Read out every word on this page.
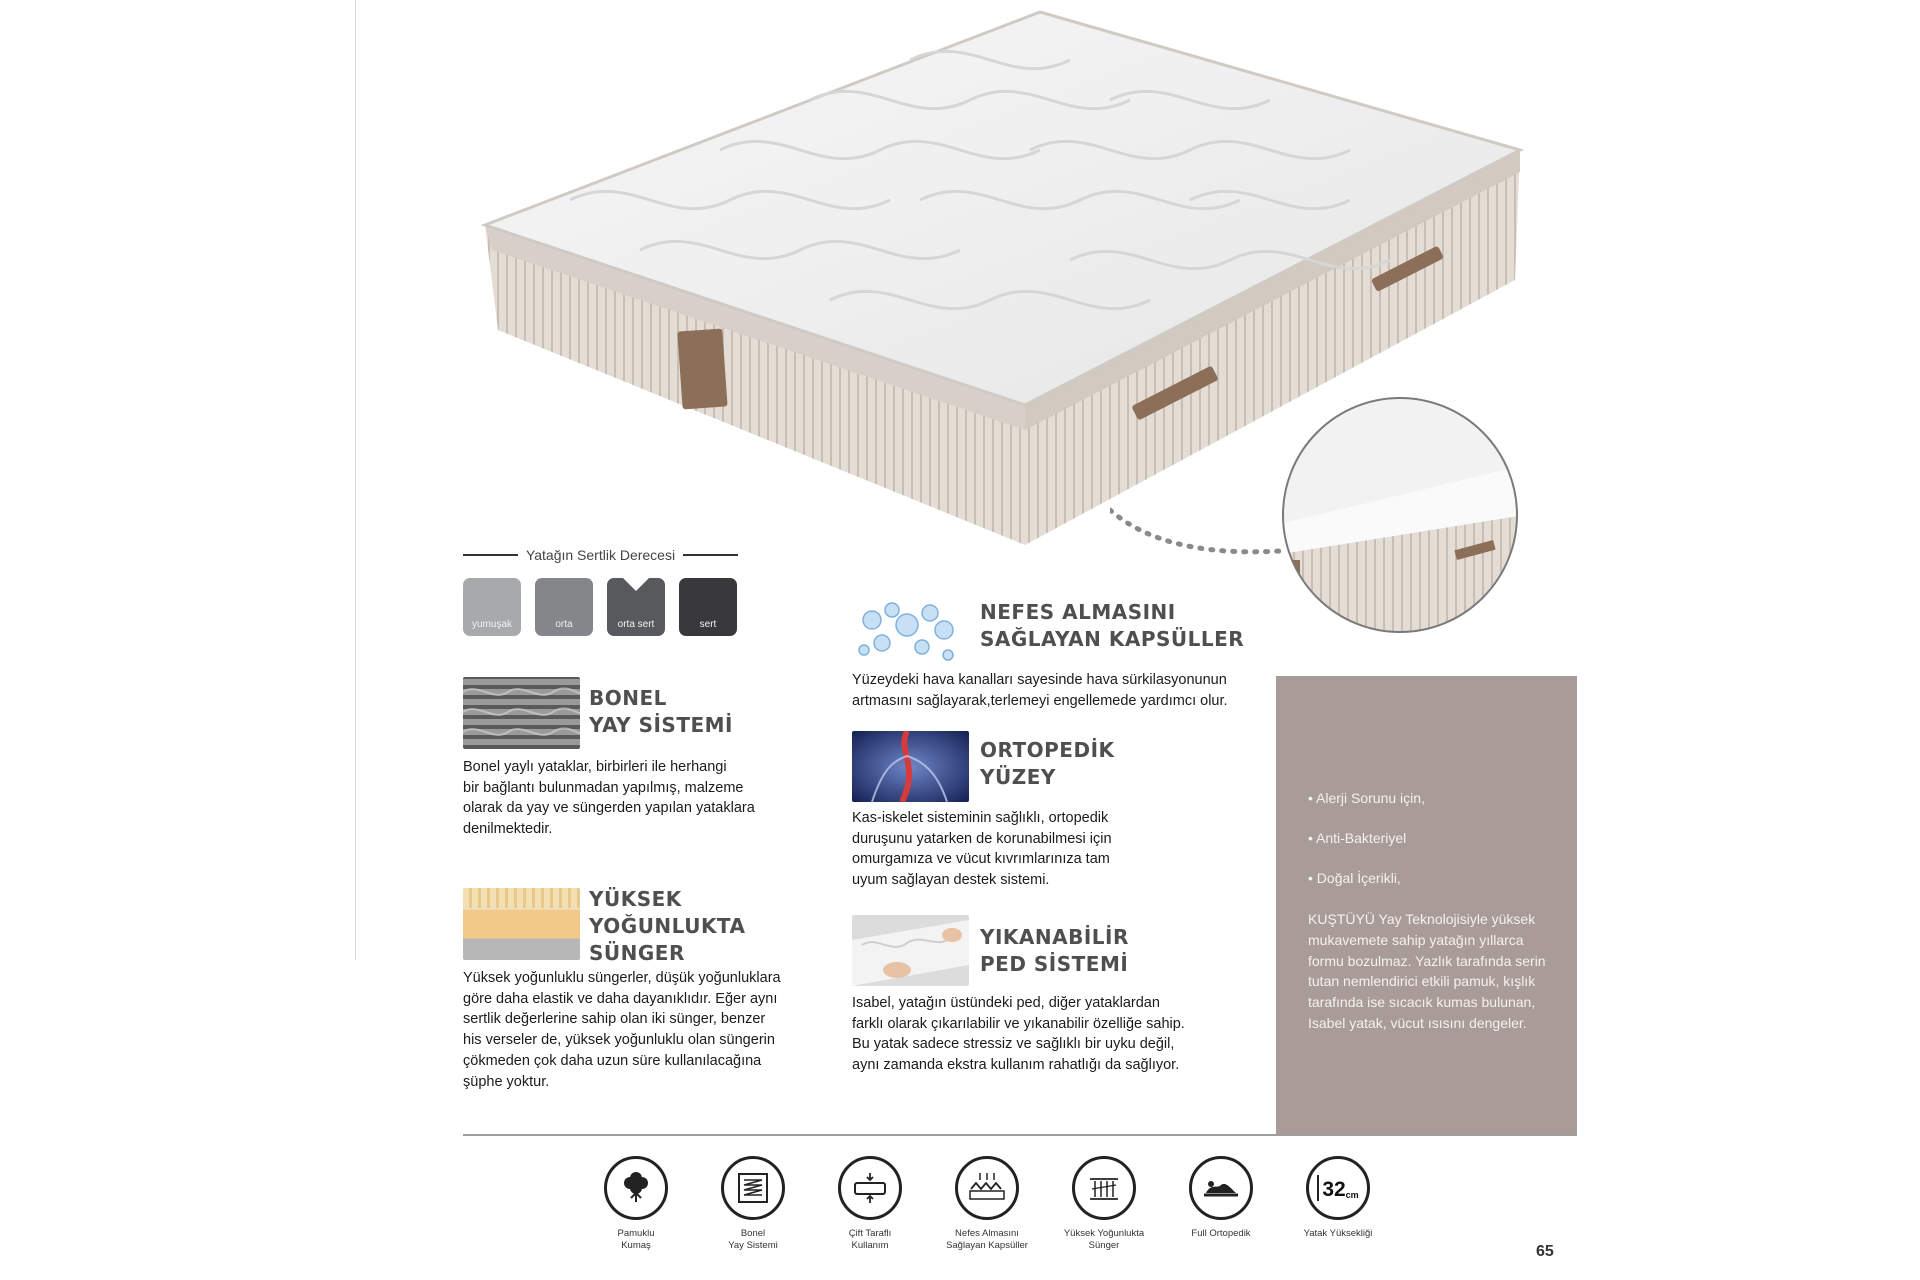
Yatağın Sertlik Derecesi
yumuşak	orta	orta sert	sert
BONEL
YAY SİSTEMİ
Bonel yaylı yataklar, birbirleri ile herhangi
bir bağlantı bulunmadan yapılmış, malzeme
olarak da yay ve süngerden yapılan yataklara
denilmektedir.
YÜKSEK
YOĞUNLUKTA
SÜNGER
Yüksek yoğunluklu süngerler, düşük yoğunluklara
göre daha elastik ve daha dayanıklıdır. Eğer aynı
sertlik değerlerine sahip olan iki sünger, benzer
his verseler de, yüksek yoğunluklu olan süngerin
çökmeden çok daha uzun süre kullanılacağına
şüphe yoktur.
NEFES ALMASINI
SAĞLAYAN KAPSÜLLER
Yüzeydeki hava kanalları sayesinde hava sürkilasyonunun
artmasını sağlayarak,terlemeyi engellemede yardımcı olur.
ORTOPEDİK
YÜZEY
Kas-iskelet sisteminin sağlıklı, ortopedik
duruşunu yatarken de korunabilmesi için
omurgamıza ve vücut kıvrımlarınıza tam
uyum sağlayan destek sistemi.
YIKANABİLİR
PED SİSTEMİ
Isabel, yatağın üstündeki ped, diğer yataklardan
farklı olarak çıkarılabilir ve yıkanabilir özelliğe sahip.
Bu yatak sadece stressiz ve sağlıklı bir uyku değil,
aynı zamanda ekstra kullanım rahatlığı da sağlıyor.
• Alerji Sorunu için,
• Anti-Bakteriyel
• Doğal İçerikli,
KUŞTÜYÜ Yay Teknolojisiyle yüksek
mukavemete sahip yatağın yıllarca
formu bozulmaz. Yazlık tarafında serin
tutan nemlendirici etkili pamuk, kışlık
tarafında ise sıcacık kumas bulunan,
Isabel yatak, vücut ısısını dengeler.
Pamuklu
Kumaş
Bonel
Yay Sistemi
Çift Taraflı
Kullanım
Nefes Almasını
Sağlayan Kapsüller
Yüksek Yoğunlukta
Sünger
Full Ortopedik
32 cm
Yatak Yüksekliği
65
